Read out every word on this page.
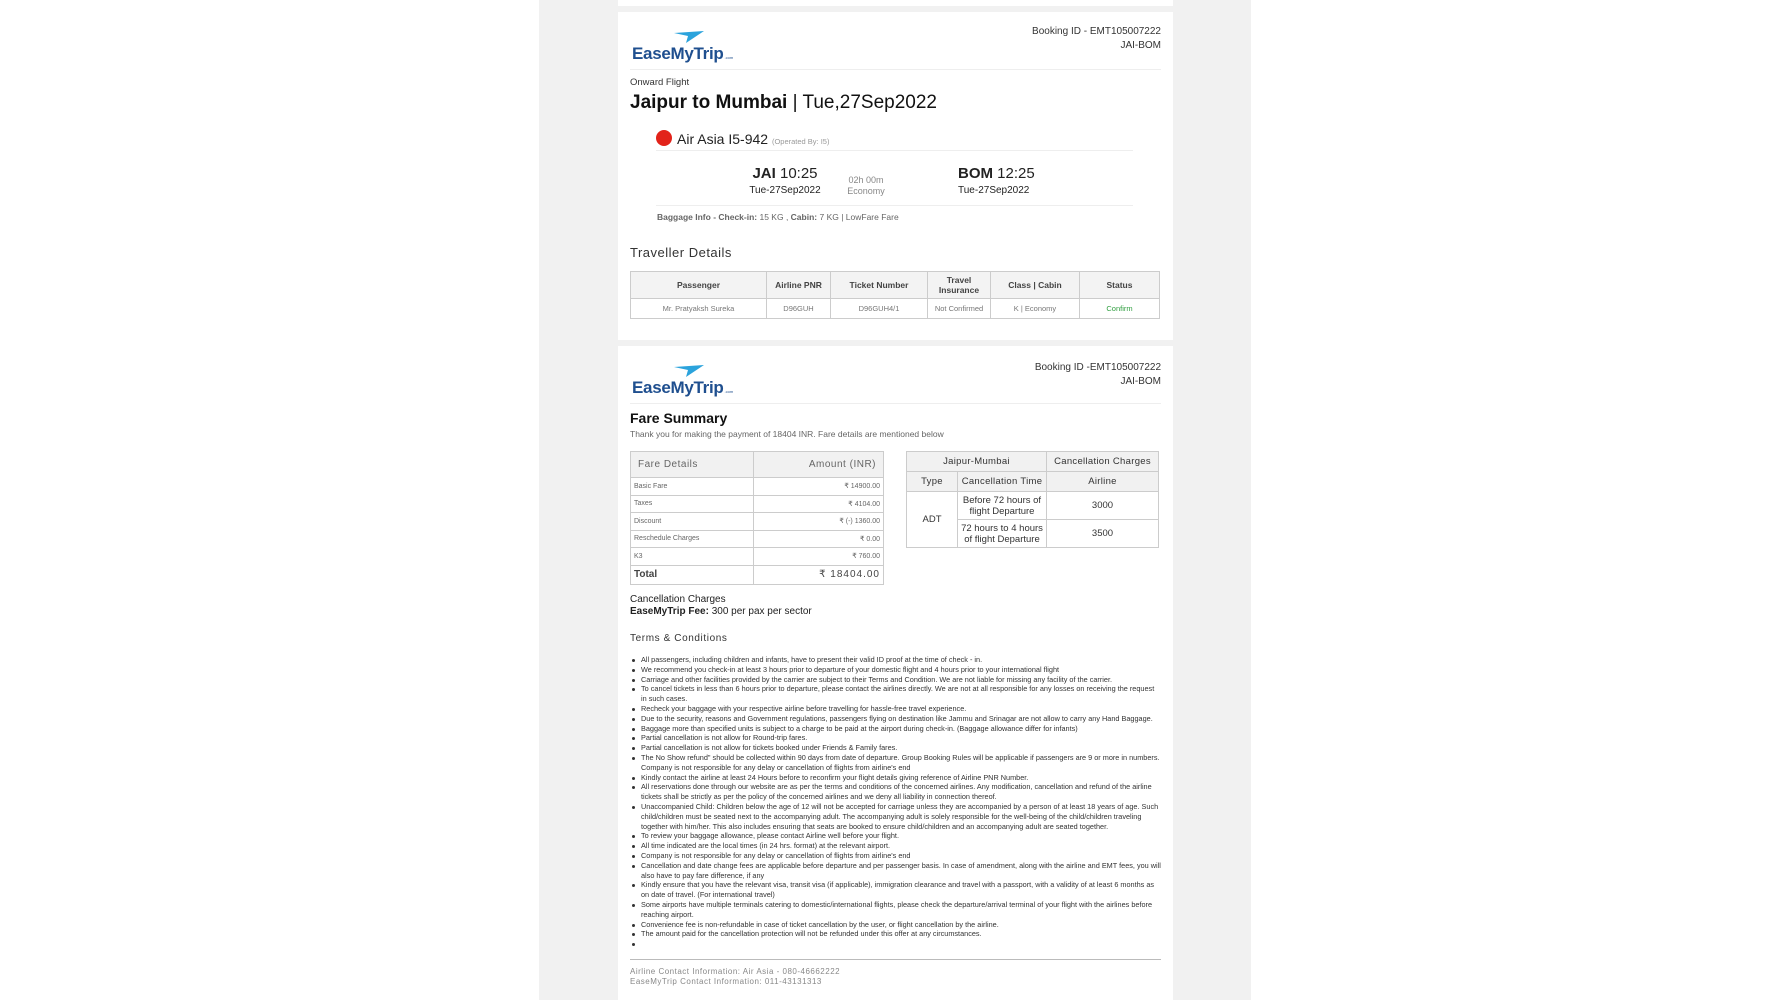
EaseMyTrip.com
Booking ID - EMT105007222
JAI-BOM
Onward Flight
Jaipur to Mumbai | Tue,27Sep2022
Air Asia I5-942 (Operated By: I5)
JAI 10:25
Tue-27Sep2022
02h 00m
Economy
BOM 12:25
Tue-27Sep2022
Baggage Info - Check-in: 15 KG , Cabin: 7 KG | LowFare Fare
Traveller Details
Passenger	Airline PNR	Ticket Number	Travel Insurance	Class | Cabin	Status
Mr. Pratyaksh Sureka	D96GUH	D96GUH4/1	Not Confirmed	K | Economy	Confirm
EaseMyTrip.com
Booking ID -EMT105007222
JAI-BOM
Fare Summary
Thank you for making the payment of 18404 INR. Fare details are mentioned below
Fare Details	Amount (INR)
Basic Fare	₹ 14900.00
Taxes	₹ 4104.00
Discount	₹ (-) 1360.00
Reschedule Charges	₹ 0.00
K3	₹ 760.00
Total	₹ 18404.00
Jaipur-Mumbai		Cancellation Charges
Type	Cancellation Time	Airline
ADT	Before 72 hours of flight Departure	3000
	72 hours to 4 hours of flight Departure	3500
Cancellation Charges
EaseMyTrip Fee: 300 per pax per sector
Terms & Conditions
All passengers, including children and infants, have to present their valid ID proof at the time of check - in.
We recommend you check-in at least 3 hours prior to departure of your domestic flight and 4 hours prior to your international flight
Carriage and other facilities provided by the carrier are subject to their Terms and Condition. We are not liable for missing any facility of the carrier.
To cancel tickets in less than 6 hours prior to departure, please contact the airlines directly. We are not at all responsible for any losses on receiving the request in such cases.
Recheck your baggage with your respective airline before travelling for hassle-free travel experience.
Due to the security, reasons and Government regulations, passengers flying on destination like Jammu and Srinagar are not allow to carry any Hand Baggage.
Baggage more than specified units is subject to a charge to be paid at the airport during check-in. (Baggage allowance differ for infants)
Partial cancellation is not allow for Round-trip fares.
Partial cancellation is not allow for tickets booked under Friends & Family fares.
The No Show refund" should be collected within 90 days from date of departure. Group Booking Rules will be applicable if passengers are 9 or more in numbers. Company is not responsible for any delay or cancellation of flights from airline's end
Kindly contact the airline at least 24 Hours before to reconfirm your flight details giving reference of Airline PNR Number.
All reservations done through our website are as per the terms and conditions of the concerned airlines. Any modification, cancellation and refund of the airline tickets shall be strictly as per the policy of the concerned airlines and we deny all liability in connection thereof.
Unaccompanied Child: Children below the age of 12 will not be accepted for carriage unless they are accompanied by a person of at least 18 years of age. Such child/children must be seated next to the accompanying adult. The accompanying adult is solely responsible for the well-being of the child/children traveling together with him/her. This also includes ensuring that seats are booked to ensure child/children and an accompanying adult are seated together.
To review your baggage allowance, please contact Airline well before your flight.
All time indicated are the local times (in 24 hrs. format) at the relevant airport.
Company is not responsible for any delay or cancellation of flights from airline's end
Cancellation and date change fees are applicable before departure and per passenger basis. In case of amendment, along with the airline and EMT fees, you will also have to pay fare difference, if any
Kindly ensure that you have the relevant visa, transit visa (if applicable), immigration clearance and travel with a passport, with a validity of at least 6 months as on date of travel. (For international travel)
Some airports have multiple terminals catering to domestic/international flights, please check the departure/arrival terminal of your flight with the airlines before reaching airport.
Convenience fee is non-refundable in case of ticket cancellation by the user, or flight cancellation by the airline.
The amount paid for the cancellation protection will not be refunded under this offer at any circumstances.

Airline Contact Information: Air Asia - 080-46662222
EaseMyTrip Contact Information: 011-43131313
